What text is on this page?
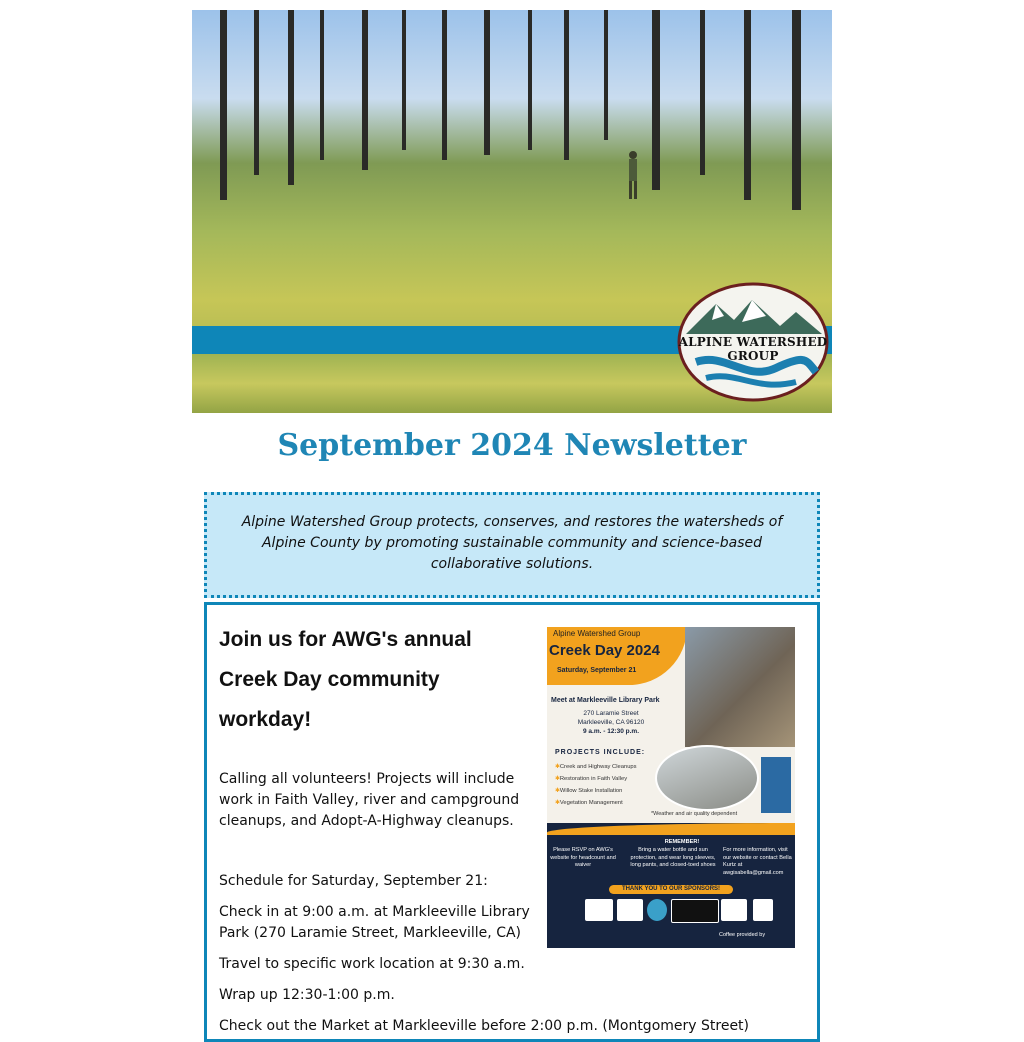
ALPINE WATERSHED GROUP
September 2024 Newsletter
Alpine Watershed Group protects, conserves, and restores the watersheds of Alpine County by promoting sustainable community and science-based collaborative solutions.
Join us for AWG's annual Creek Day community workday!

Calling all volunteers! Projects will include work in Faith Valley, river and campground cleanups, and Adopt-A-Highway cleanups.

Schedule for Saturday, September 21:

Check in at 9:00 a.m. at Markleeville Library Park (270 Laramie Street, Markleeville, CA)

Travel to specific work location at 9:30 a.m.

Wrap up 12:30-1:00 p.m.

Check out the Market at Markleeville before 2:00 p.m. (Montgomery Street)

Alpine Watershed Group
Creek Day 2024
Saturday, September 21
Meet at Markleeville Library Park
270 Laramie Street
Markleeville, CA 96120
9 a.m. - 12:30 p.m.
PROJECTS INCLUDE:
✱ Creek and Highway Cleanups
✱ Restoration in Faith Valley
✱ Willow Stake Installation
✱ Vegetation Management
*Weather and air quality dependent
REMEMBER!
Please RSVP on AWG's website for headcount and waiver
Bring a water bottle and sun protection, and wear long sleeves, long pants, and closed-toed shoes
For more information, visit our website or contact Bella Kurtz at awgisabella@gmail.com
THANK YOU TO OUR SPONSORS!
Coffee provided by
